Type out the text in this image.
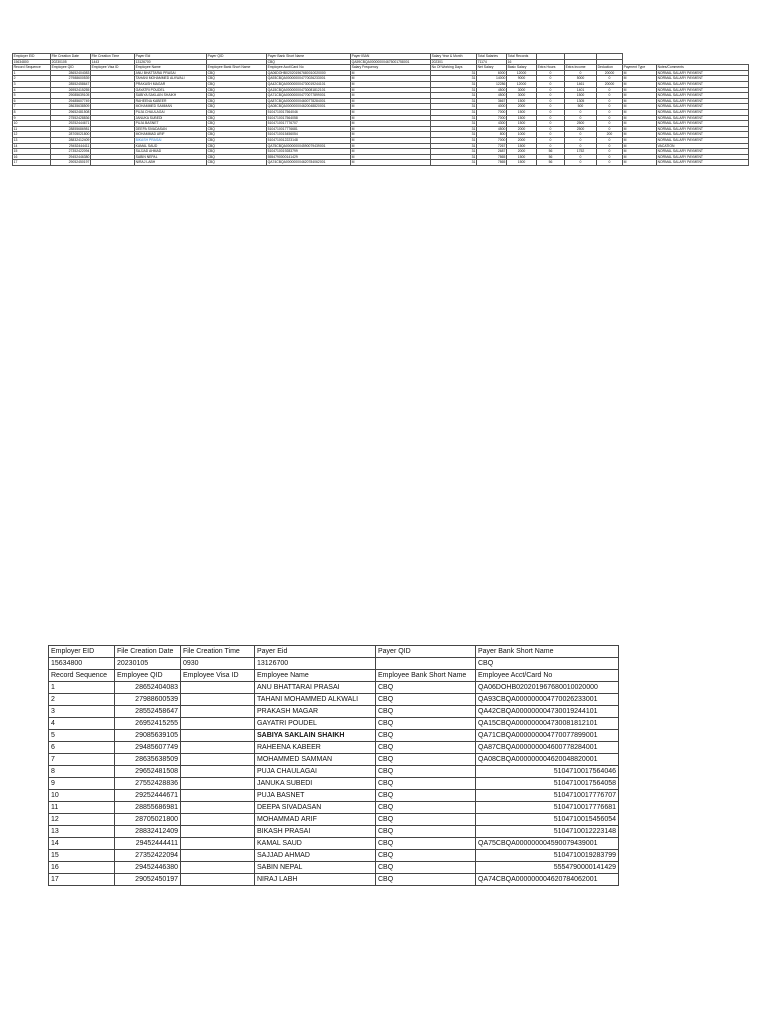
Employer EID	File Creation Date	File Creation Time	Payer Eid	Payer QID	Payer Bank Short Name	Payer IBAN	Salary Year & Month	Total Salaries	Total Records					
15634800	20230105	1443	13126700		CBQ	QA59CBQA000000004675001758001	202301	71174	16					
Record Sequence	Employee QID	Employee Visa ID	Employee Name	Employee Bank Short Name	Employee Acct/Card No	Salary Frequency	No Of Working Days	Net Salary	Basic Salary	Extra Hours	Extra Income	Deduction	Payment Type	Notes/Comments
1	28652404083		ANU BHATTARAI PRASAI	CBQ	QA06DOHB020201967680010020000	M	31	6000	12000	0	0	20000	M	NORMAL SALARY PAYMENT
2	27988600539		TAHANI MOHAMMED ALKWALI	CBQ	QA93CBQA000000004770026233001	M	31	14000	9000	0	5000	0	M	NORMAL SALARY PAYMENT
3	28552458647		PRAKASH MAGAR	CBQ	QA42CBQA000000004730019244101	M	31	12286	12000	0	1461	20000	M	NORMAL SALARY PAYMENT
4	26952415255		GAYATRI POUDEL	CBQ	QA15CBQA000000004730081812101	M	31	4500	3000	0	1401	0	M	NORMAL SALARY PAYMENT
5	29085639105		SABIYA SAKLAIN SHAIKH	CBQ	QA71CBQA000000004770077899001	M	31	4500	3000	0	1500	0	M	NORMAL SALARY PAYMENT
6	29485607749		RAHEENA KABEER	CBQ	QA87CBQA000000004600778284001	M	31	3667	1500	0	1305	0	M	NORMAL SALARY PAYMENT
7	28635638509		MOHAMMED SAMMAN	CBQ	QA08CBQA000000004620048820001	M	31	4000	2000	0	500	0	M	NORMAL SALARY PAYMENT
8	29652481508		PUJA CHAULAGAI	CBQ	5104710017564046	M	31	7000	1500	0	0	0	M	NORMAL SALARY PAYMENT
9	27552428836		JANUKA SUBEDI	CBQ	5104710017564058	M	31	7000	1500	0	0	0	M	NORMAL SALARY PAYMENT
10	29252444671		PUJA BASNET	CBQ	5104710017776707	M	31	4300	1500	0	2500	0	M	NORMAL SALARY PAYMENT
11	28855686981		DEEPA SIVADASAN	CBQ	5104710017776681	M	31	4500	2000	0	2500	0	M	NORMAL SALARY PAYMENT
12	28705021800		MOHAMMAD ARIF	CBQ	5104710015456054	M	31	800	1000	0	0	200	M	NORMAL SALARY PAYMENT
13	28832412409		BIKASH PRASAI	CBQ	5104710012223148	M	31	7000	2000	0	0	0	M	NORMAL SALARY PAYMENT
14	29452444411		KAMAL SAUD	CBQ	QA75CBQA000000004590079439001	M	31	7267	1500	0	0	0	M	VACATION
15	27352422094		SAJJAD AHMAD	CBQ	5104710019283799	M	31	2687	2000	56	1752	0	M	NORMAL SALARY PAYMENT
16	29452446380		SABIN NEPAL	CBQ	5554790000141429	M	31	7865	1500	56	0	0	M	NORMAL SALARY PAYMENT
17	29052450197		NIRAJ LABH	CBQ	QA74CBQA000000004620784062001	M	31	7865	1500	56	0	0	M	NORMAL SALARY PAYMENT
Employer EID	File Creation Date	File Creation Time	Payer Eid	Payer QID	Payer Bank Short Name
15634800	20230105	0930	13126700		CBQ
Record Sequence	Employee QID	Employee Visa ID	Employee Name	Employee Bank Short Name	Employee Acct/Card No
1	28652404083		ANU BHATTARAI PRASAI	CBQ	QA06DOHB020201967680010020000
2	27988600539		TAHANI MOHAMMED ALKWALI	CBQ	QA93CBQA000000004770026233001
3	28552458647		PRAKASH MAGAR	CBQ	QA42CBQA000000004730019244101
4	26952415255		GAYATRI POUDEL	CBQ	QA15CBQA000000004730081812101
5	29085639105		SABIYA SAKLAIN SHAIKH	CBQ	QA71CBQA000000004770077899001
6	29485607749		RAHEENA KABEER	CBQ	QA87CBQA000000004600778284001
7	28635638509		MOHAMMED SAMMAN	CBQ	QA08CBQA000000004620048820001
8	29652481508		PUJA CHAULAGAI	CBQ	5104710017564046
9	27552428836		JANUKA SUBEDI	CBQ	5104710017564058
10	29252444671		PUJA BASNET	CBQ	5104710017776707
11	28855686981		DEEPA SIVADASAN	CBQ	5104710017776681
12	28705021800		MOHAMMAD ARIF	CBQ	5104710015456054
13	28832412409		BIKASH PRASAI	CBQ	5104710012223148
14	29452444411		KAMAL SAUD	CBQ	QA75CBQA000000004590079439001
15	27352422094		SAJJAD AHMAD	CBQ	5104710019283799
16	29452446380		SABIN NEPAL	CBQ	5554790000141429
17	29052450197		NIRAJ LABH	CBQ	QA74CBQA000000004620784062001
